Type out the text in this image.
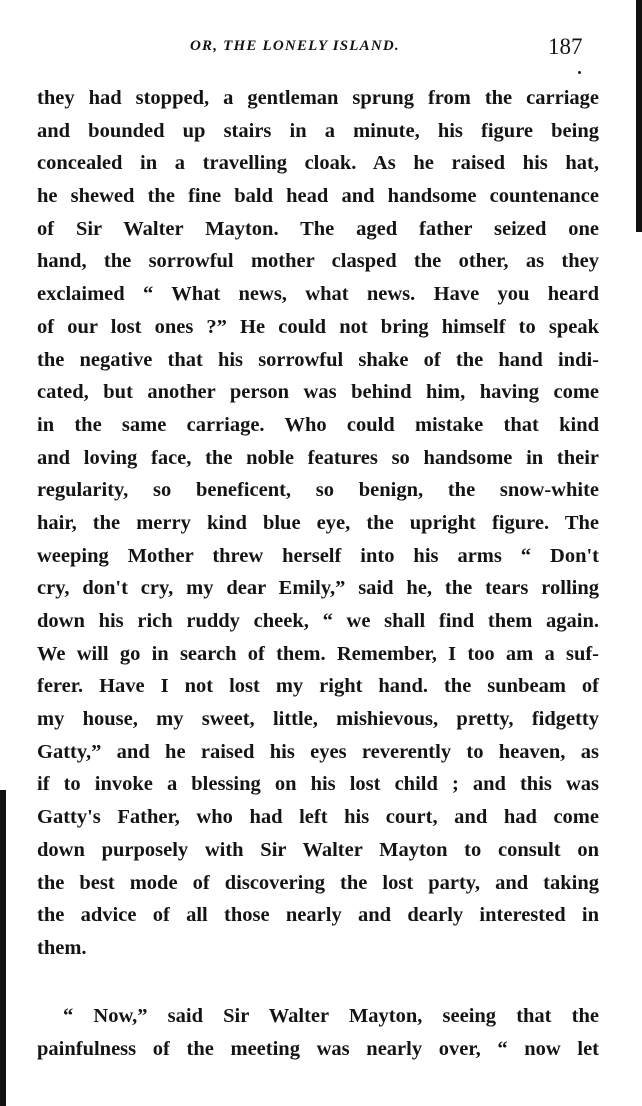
OR, THE LONELY ISLAND.	187
they had stopped, a gentleman sprung from the carriage
and bounded up stairs in a minute, his figure being
concealed in a travelling cloak. As he raised his hat,
he shewed the fine bald head and handsome countenance
of Sir Walter Mayton. The aged father seized one
hand, the sorrowful mother clasped the other, as they
exclaimed “ What news, what news. Have you heard
of our lost ones ?” He could not bring himself to speak
the negative that his sorrowful shake of the hand indi-
cated, but another person was behind him, having come
in the same carriage. Who could mistake that kind
and loving face, the noble features so handsome in their
regularity, so beneficent, so benign, the snow-white
hair, the merry kind blue eye, the upright figure. The
weeping Mother threw herself into his arms “ Don't
cry, don't cry, my dear Emily,” said he, the tears rolling
down his rich ruddy cheek, “ we shall find them again.
We will go in search of them. Remember, I too am a suf-
ferer. Have I not lost my right hand. the sunbeam of
my house, my sweet, little, mishievous, pretty, fidgetty
Gatty,” and he raised his eyes reverently to heaven, as
if to invoke a blessing on his lost child ; and this was
Gatty's Father, who had left his court, and had come
down purposely with Sir Walter Mayton to consult on
the best mode of discovering the lost party, and taking
the advice of all those nearly and dearly interested in
them.
“ Now,” said Sir Walter Mayton, seeing that the
painfulness of the meeting was nearly over, “ now let
